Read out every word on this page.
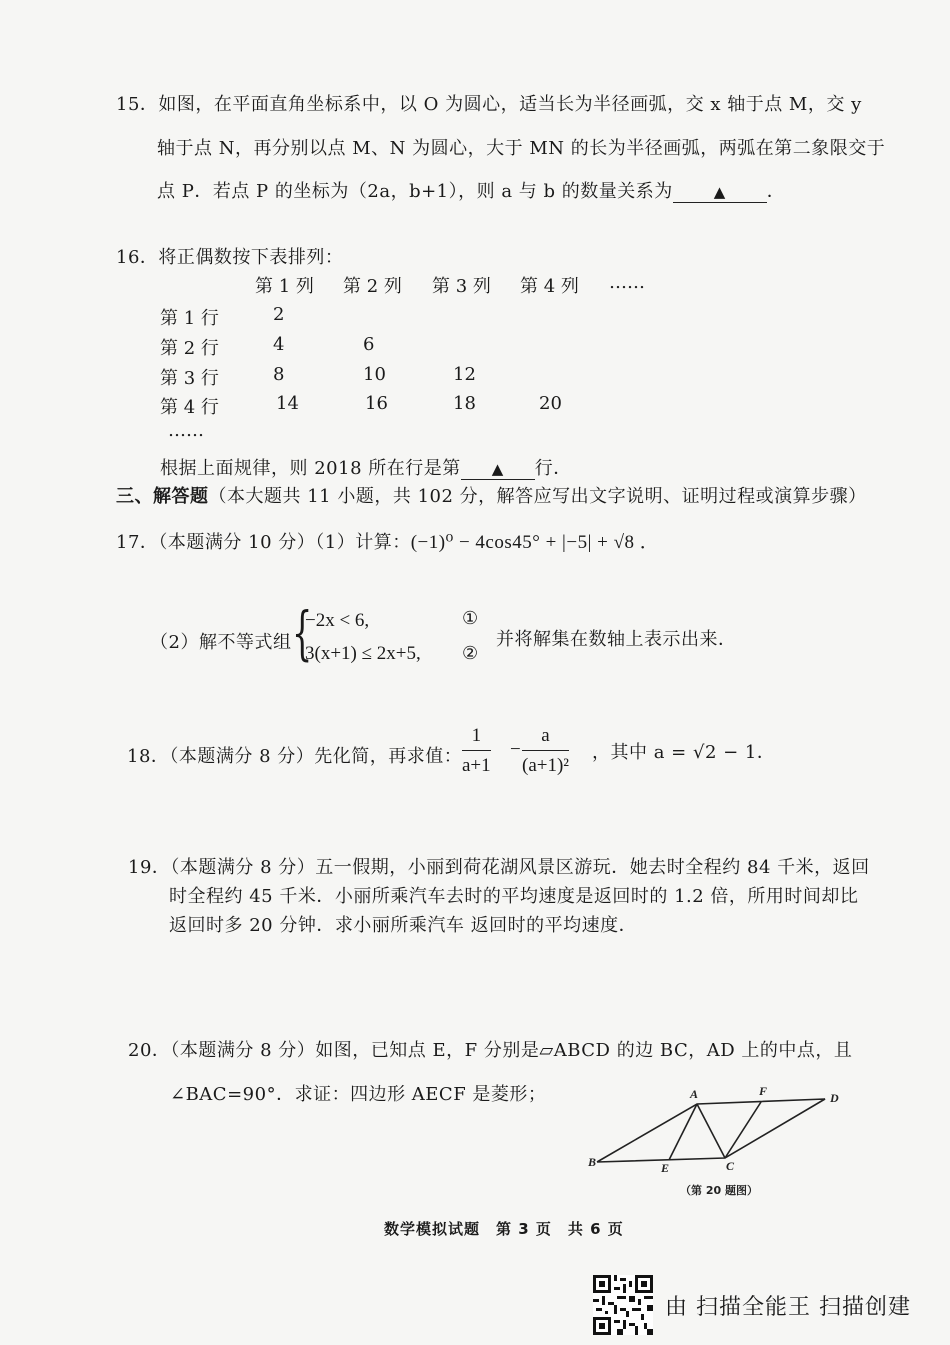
15．如图，在平面直角坐标系中，以 O 为圆心，适当长为半径画弧，交 x 轴于点 M，交 y
轴于点 N，再分别以点 M、N 为圆心，大于 MN 的长为半径画弧，两弧在第二象限交于
点 P．若点 P 的坐标为（2a，b+1），则 a 与 b 的数量关系为	▲ ．
16．将正偶数按下表排列：
第 1 列 第 2 列 第 3 列 第 4 列 ……
第 1 行	2
第 2 行	4	6
第 3 行	8	10	12
第 4 行	14	16	18	20
……
根据上面规律，则 2018 所在行是第 ▲ 行．
三、解答题（本大题共 11 小题，共 102 分，解答应写出文字说明、证明过程或演算步骤）
17．（本题满分 10 分）（1）计算：(−1)⁰ − 4cos45° + |−5| + √8 ．
（2）解不等式组 {
−2x < 6,
3(x+1) ≤ 2x+5,
①
②
并将解集在数轴上表示出来．
18．（本题满分 8 分）先化简，再求值： $\frac{1}{a+1} - \frac{a}{\text{(a+1)²}}$ ，其中 a = √2 − 1．
19．（本题满分 8 分）五一假期，小丽到荷花湖风景区游玩．她去时全程约 84 千米，返回
时全程约 45 千米．小丽所乘汽车去时的平均速度是返回时的 1.2 倍，所用时间却比
返回时多 20 分钟．求小丽所乘汽车 返回时的平均速度．
20．（本题满分 8 分）如图，已知点 E，F 分别是▱ABCD 的边 BC，AD 上的中点，且
∠BAC=90°．求证：四边形 AECF 是菱形；	A	F	D
B	E	C
（第 20 题图）
数学模拟试题　第 3 页　共 6 页
由 扫描全能王 扫描创建
